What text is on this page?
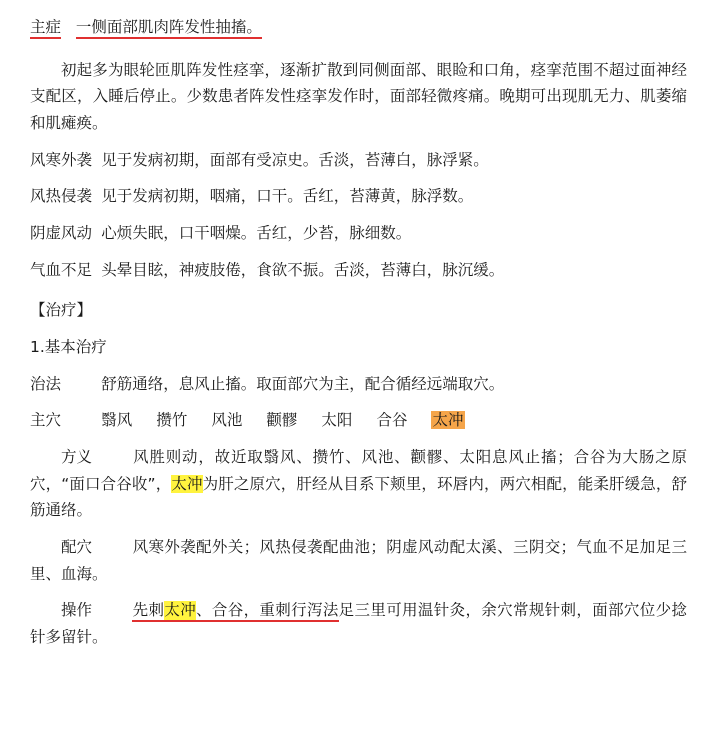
主症 一侧面部肌肉阵发性抽搐。

初起多为眼轮匝肌阵发性痉挛，逐渐扩散到同侧面部、眼睑和口角，痉挛范围不超过面神经支配区，入睡后停止。少数患者阵发性痉挛发作时，面部轻微疼痛。晚期可出现肌无力、肌萎缩和肌瘫痪。

风寒外袭 见于发病初期，面部有受凉史。舌淡，苔薄白，脉浮紧。

风热侵袭 见于发病初期，咽痛，口干。舌红，苔薄黄，脉浮数。

阴虚风动 心烦失眠，口干咽燥。舌红，少苔，脉细数。

气血不足 头晕目眩，神疲肢倦，食欲不振。舌淡，苔薄白，脉沉缓。

【治疗】

1.基本治疗

治法	舒筋通络，息风止搐。取面部穴为主，配合循经远端取穴。

主穴	翳风 攒竹 风池 颧髎 太阳 合谷 太冲

方义	风胜则动，故近取翳风、攒竹、风池、颧髎、太阳息风止搐；合谷为大肠之原穴，“面口合谷收”，太冲为肝之原穴，肝经从目系下颊里，环唇内，两穴相配，能柔肝缓急，舒筋通络。

配穴	风寒外袭配外关；风热侵袭配曲池；阴虚风动配太溪、三阴交；气血不足加足三里、血海。

操作	先刺太冲、合谷，重刺行泻法足三里可用温针灸，余穴常规针刺，面部穴位少捻针多留针。
